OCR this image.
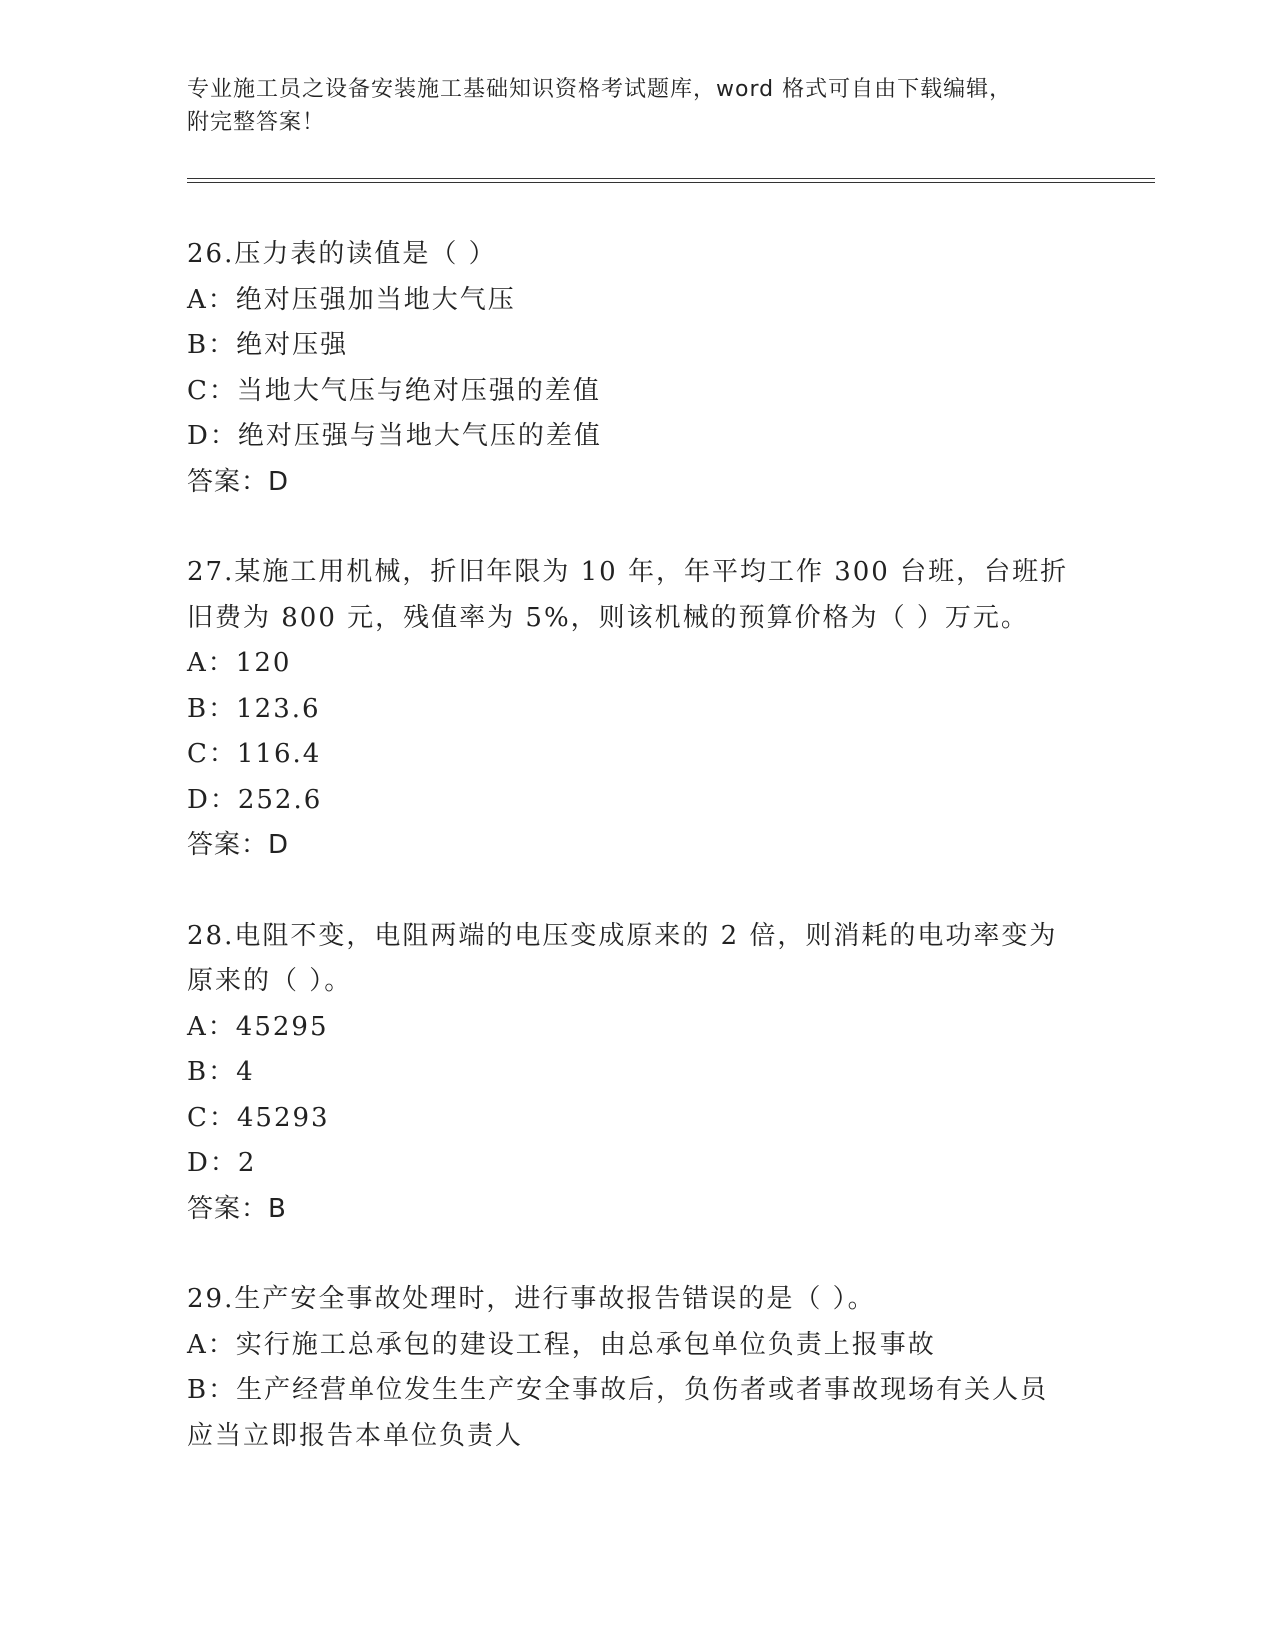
专业施工员之设备安装施工基础知识资格考试题库，word 格式可自由下载编辑，
附完整答案！
26.压力表的读值是（ ）
A：绝对压强加当地大气压
B：绝对压强
C：当地大气压与绝对压强的差值
D：绝对压强与当地大气压的差值
答案：D
27.某施工用机械，折旧年限为 10 年，年平均工作 300 台班，台班折
旧费为 800 元，残值率为 5%，则该机械的预算价格为（ ）万元。
A：120
B：123.6
C：116.4
D：252.6
答案：D
28.电阻不变，电阻两端的电压变成原来的 2 倍，则消耗的电功率变为
原来的（ ）。
A：45295
B：4
C：45293
D：2
答案：B
29.生产安全事故处理时，进行事故报告错误的是（ ）。
A：实行施工总承包的建设工程，由总承包单位负责上报事故
B：生产经营单位发生生产安全事故后，负伤者或者事故现场有关人员
应当立即报告本单位负责人
